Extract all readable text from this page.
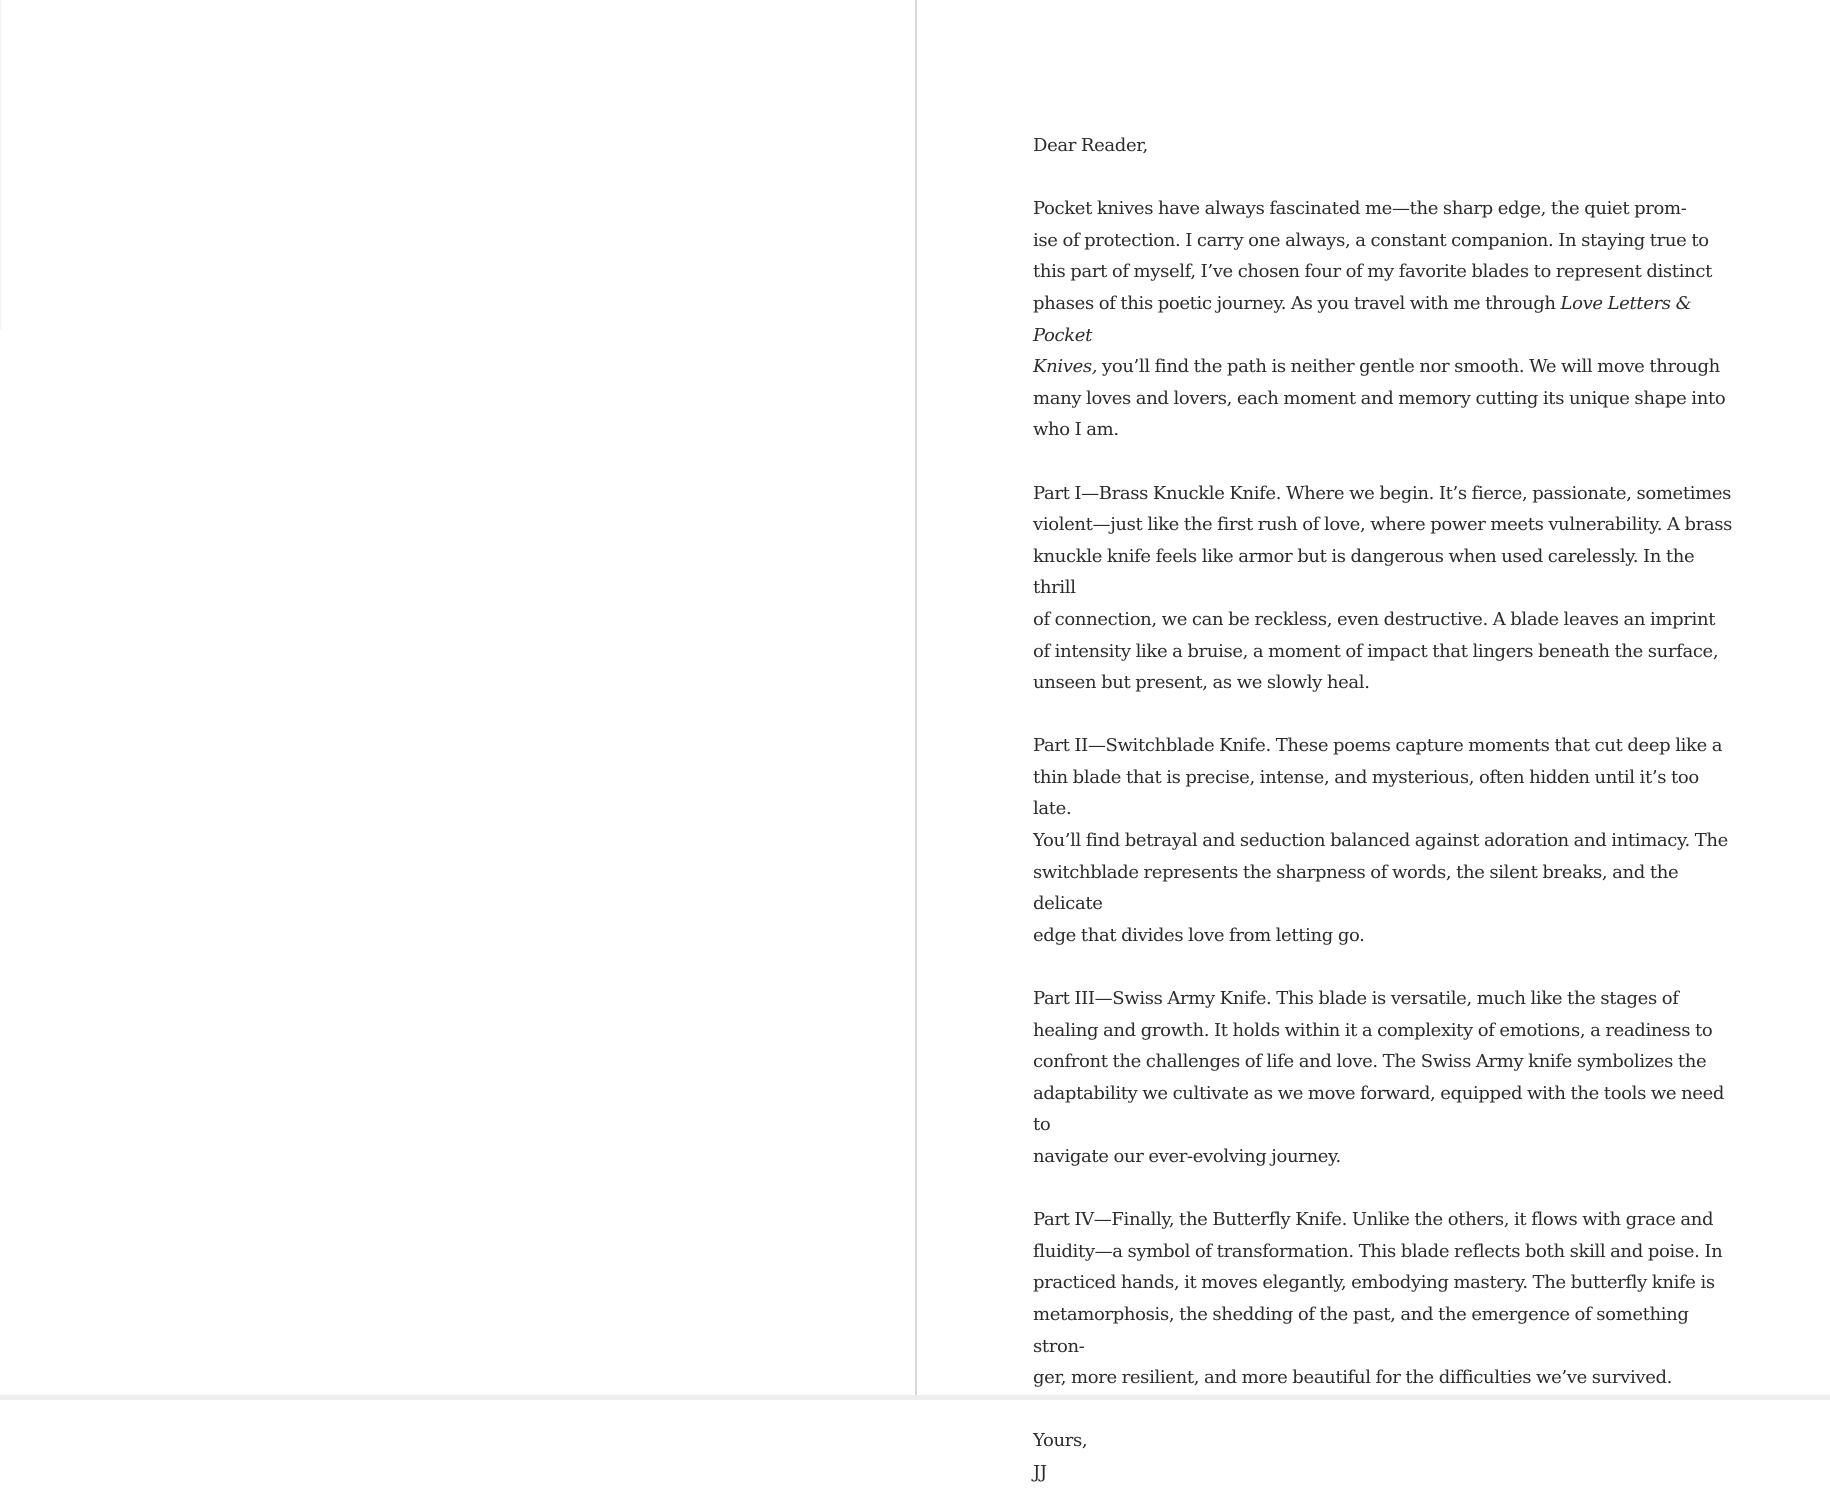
Dear Reader,

Pocket knives have always fascinated me—the sharp edge, the quiet prom-
ise of protection. I carry one always, a constant companion. In staying true to
this part of myself, I’ve chosen four of my favorite blades to represent distinct
phases of this poetic journey. As you travel with me through Love Letters & Pocket
Knives, you’ll find the path is neither gentle nor smooth. We will move through
many loves and lovers, each moment and memory cutting its unique shape into
who I am.

Part I—Brass Knuckle Knife. Where we begin. It’s fierce, passionate, sometimes
violent—just like the first rush of love, where power meets vulnerability. A brass
knuckle knife feels like armor but is dangerous when used carelessly. In the thrill
of connection, we can be reckless, even destructive. A blade leaves an imprint
of intensity like a bruise, a moment of impact that lingers beneath the surface,
unseen but present, as we slowly heal.

Part II—Switchblade Knife. These poems capture moments that cut deep like a
thin blade that is precise, intense, and mysterious, often hidden until it’s too late.
You’ll find betrayal and seduction balanced against adoration and intimacy. The
switchblade represents the sharpness of words, the silent breaks, and the delicate
edge that divides love from letting go.

Part III—Swiss Army Knife. This blade is versatile, much like the stages of
healing and growth. It holds within it a complexity of emotions, a readiness to
confront the challenges of life and love. The Swiss Army knife symbolizes the
adaptability we cultivate as we move forward, equipped with the tools we need to
navigate our ever-evolving journey.

Part IV—Finally, the Butterfly Knife. Unlike the others, it flows with grace and
fluidity—a symbol of transformation. This blade reflects both skill and poise. In
practiced hands, it moves elegantly, embodying mastery. The butterfly knife is
metamorphosis, the shedding of the past, and the emergence of something stron-
ger, more resilient, and more beautiful for the difficulties we’ve survived.

Yours,

JJ
